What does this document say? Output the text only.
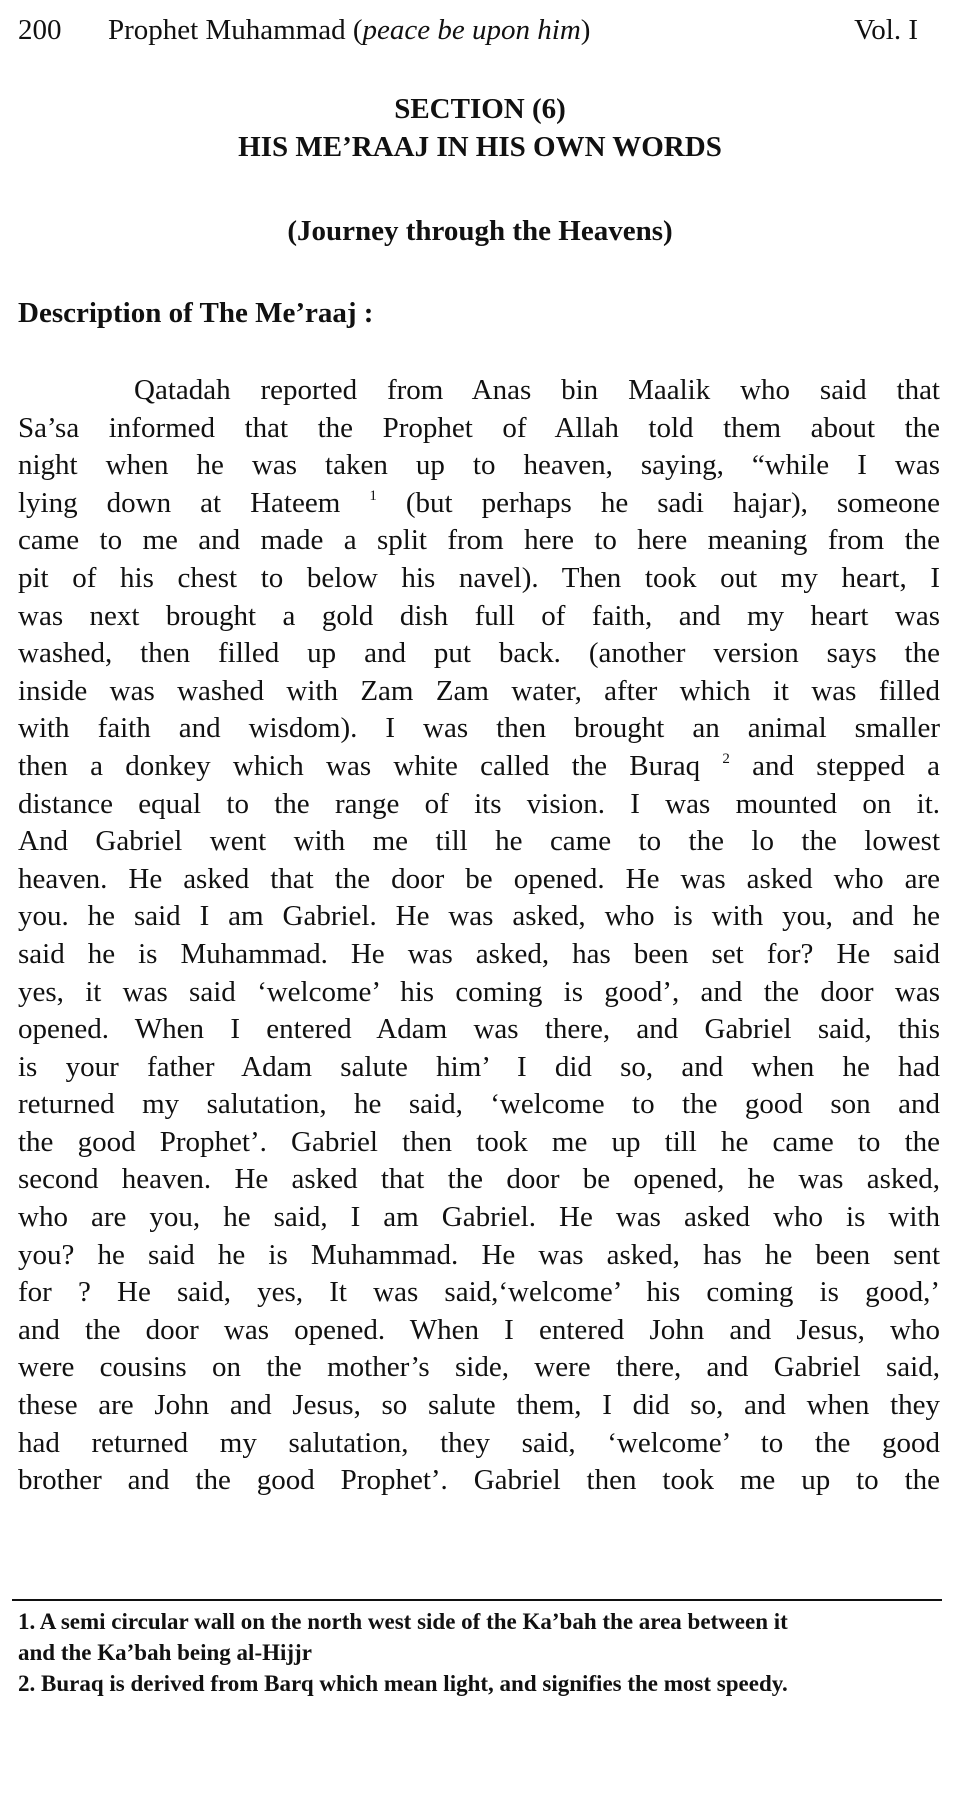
200 Prophet Muhammad (peace be upon him)	Vol. I
SECTION (6)
HIS ME’RAAJ IN HIS OWN WORDS
(Journey through the Heavens)
Description of The Me’raaj :
Qatadah reported from Anas bin Maalik who said that
Sa’sa informed that the Prophet of Allah told them about the
night when he was taken up to heaven, saying, “while I was
lying down at Hateem $^1$ (but perhaps he sadi hajar), someone
came to me and made a split from here to here meaning from the
pit of his chest to below his navel). Then took out my heart, I
was next brought a gold dish full of faith, and my heart was
washed, then filled up and put back. (another version says the
inside was washed with Zam Zam water, after which it was filled
with faith and wisdom). I was then brought an animal smaller
then a donkey which was white called the Buraq $^2$ and stepped a
distance equal to the range of its vision. I was mounted on it.
And Gabriel went with me till he came to the lo the lowest
heaven. He asked that the door be opened. He was asked who are
you. he said I am Gabriel. He was asked, who is with you, and he
said he is Muhammad. He was asked, has been set for? He said
yes, it was said ‘welcome’ his coming is good’, and the door was
opened. When I entered Adam was there, and Gabriel said, this
is your father Adam salute him’ I did so, and when he had
returned my salutation, he said, ‘welcome to the good son and
the good Prophet’. Gabriel then took me up till he came to the
second heaven. He asked that the door be opened, he was asked,
who are you, he said, I am Gabriel. He was asked who is with
you? he said he is Muhammad. He was asked, has he been sent
for ? He said, yes, It was said,‘welcome’ his coming is good,’
and the door was opened. When I entered John and Jesus, who
were cousins on the mother’s side, were there, and Gabriel said,
these are John and Jesus, so salute them, I did so, and when they
had returned my salutation, they said, ‘welcome’ to the good
brother and the good Prophet’. Gabriel then took me up to the
1. A semi circular wall on the north west side of the Ka’bah the area between it
and the Ka’bah being al-Hijjr
2. Buraq is derived from Barq which mean light, and signifies the most speedy.
